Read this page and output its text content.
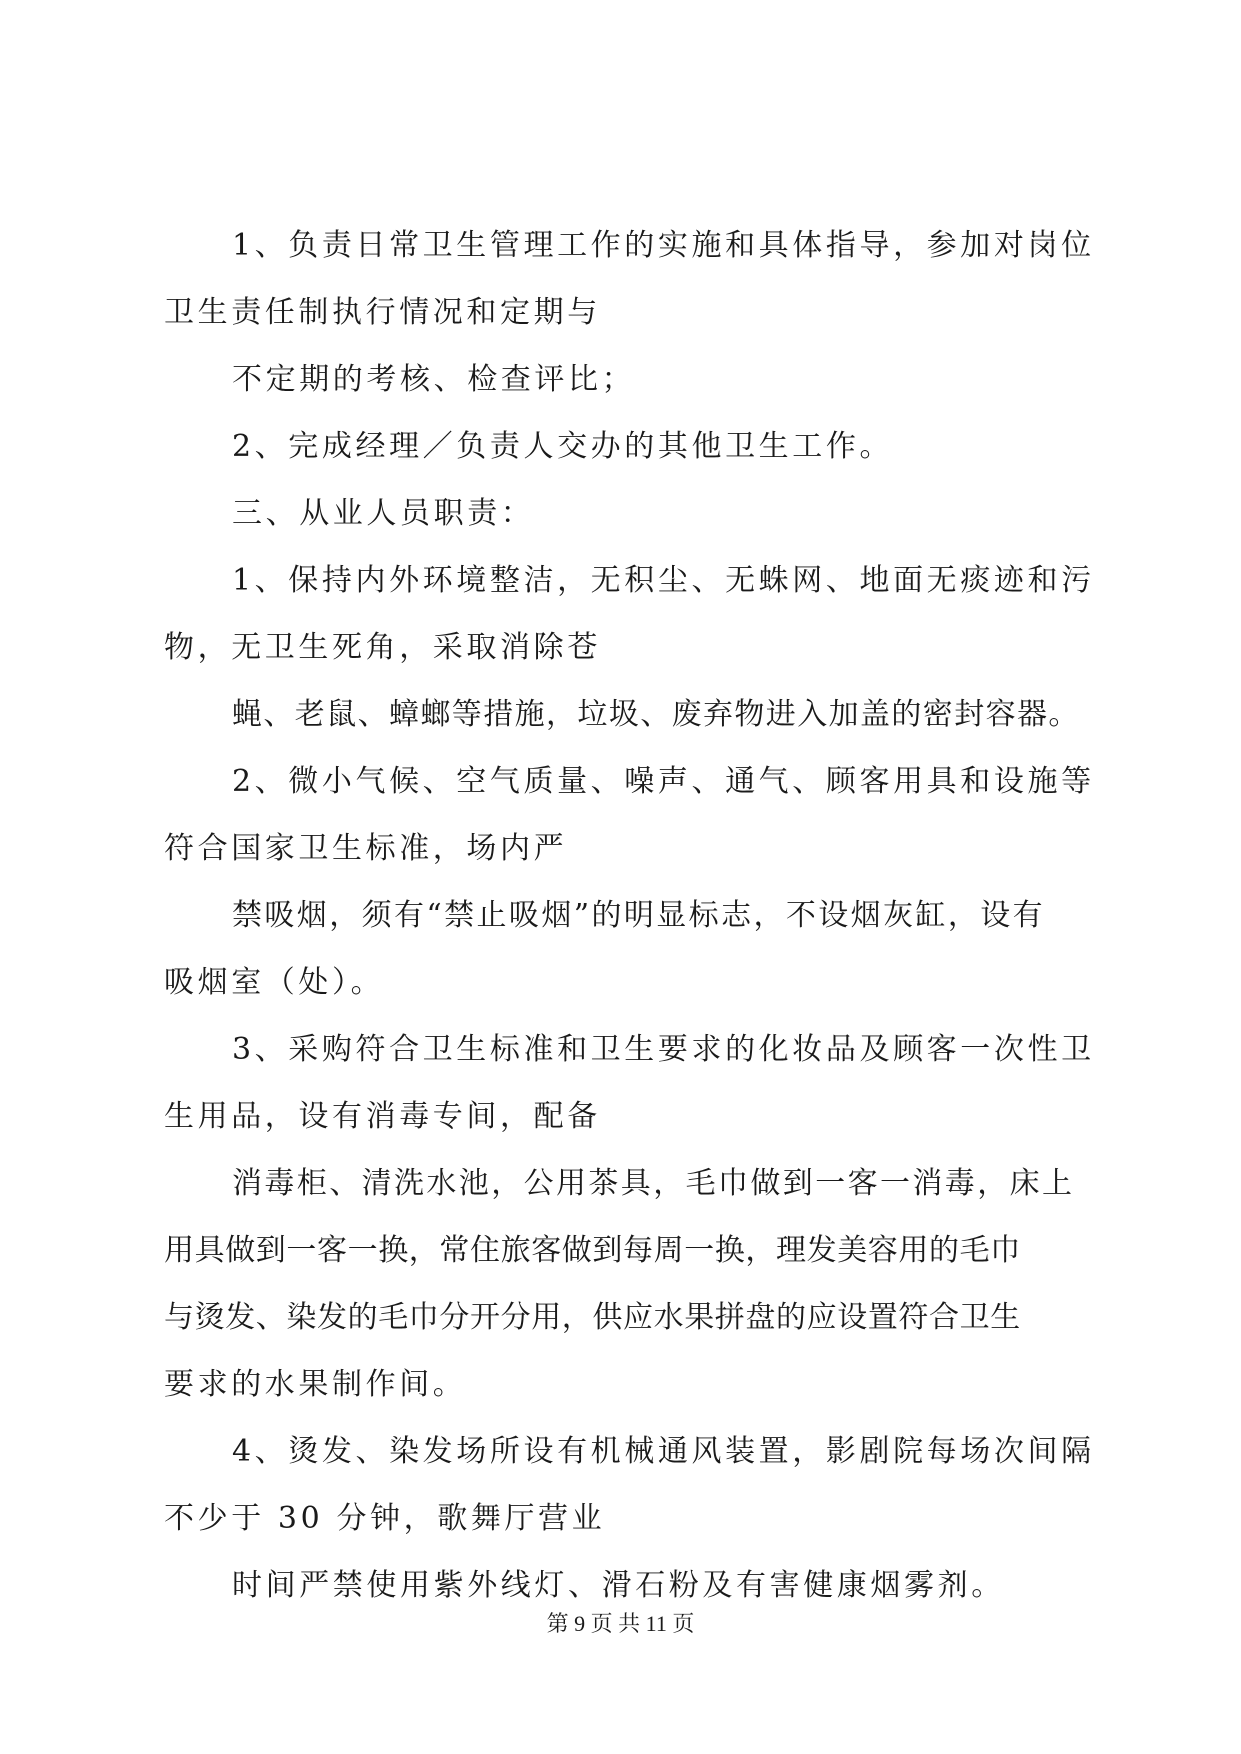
1、负责日常卫生管理工作的实施和具体指导，参加对岗位
卫生责任制执行情况和定期与
不定期的考核、检查评比；
2、完成经理／负责人交办的其他卫生工作。
三、从业人员职责：
1、保持内外环境整洁，无积尘、无蛛网、地面无痰迹和污
物，无卫生死角，采取消除苍
蝇、老鼠、蟑螂等措施，垃圾、废弃物进入加盖的密封容器。
2、微小气候、空气质量、噪声、通气、顾客用具和设施等
符合国家卫生标准，场内严
禁吸烟，须有“禁止吸烟”的明显标志，不设烟灰缸，设有
吸烟室（处）。
3、采购符合卫生标准和卫生要求的化妆品及顾客一次性卫
生用品，设有消毒专间，配备
消毒柜、清洗水池，公用茶具，毛巾做到一客一消毒，床上
用具做到一客一换，常住旅客做到每周一换，理发美容用的毛巾
与烫发、染发的毛巾分开分用，供应水果拼盘的应设置符合卫生
要求的水果制作间。
4、烫发、染发场所设有机械通风装置，影剧院每场次间隔
不少于 30 分钟，歌舞厅营业
时间严禁使用紫外线灯、滑石粉及有害健康烟雾剂。
第 9 页 共 11 页
